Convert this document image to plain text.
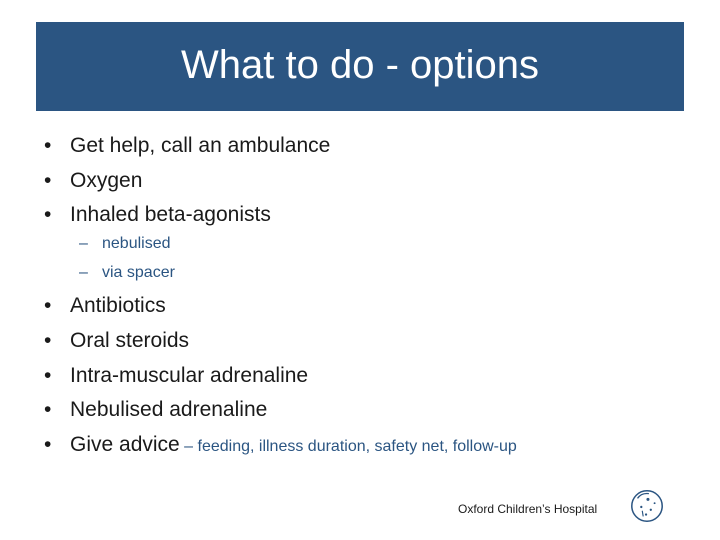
What to do - options
• Get help, call an ambulance
• Oxygen
• Inhaled beta-agonists
– nebulised
– via spacer
• Antibiotics
• Oral steroids
• Intra-muscular adrenaline
• Nebulised adrenaline
• Give advice – feeding, illness duration, safety net, follow-up
Oxford Children’s Hospital
